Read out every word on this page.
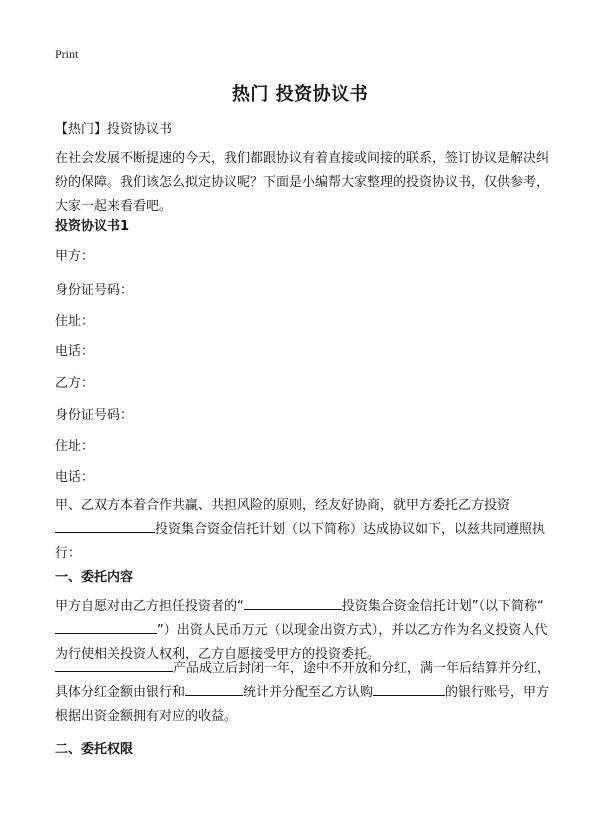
Print
热门 投资协议书

【热门】投资协议书

在社会发展不断提速的今天，我们都跟协议有着直接或间接的联系，签订协议是解决纠纷的保障。我们该怎么拟定协议呢？下面是小编帮大家整理的投资协议书，仅供参考，大家一起来看看吧。

投资协议书1

甲方：

身份证号码：

住址：

电话：

乙方：

身份证号码：

住址：

电话：

甲、乙双方本着合作共赢、共担风险的原则，经友好协商，就甲方委托乙方投资投资集合资金信托计划（以下简称）达成协议如下，以兹共同遵照执行：

一、委托内容

甲方自愿对由乙方担任投资者的“	投资集合资金信托计划”（以下简称“”）出资人民币万元（以现金出资方式），并以乙方作为名义投资人代为行使相关投资人权利，乙方自愿接受甲方的投资委托。

产品成立后封闭一年，途中不开放和分红，满一年后结算并分红，具体分红金额由银行和	统计并分配至乙方认购	的银行账号，甲方根据出资金额拥有对应的收益。

二、委托权限
